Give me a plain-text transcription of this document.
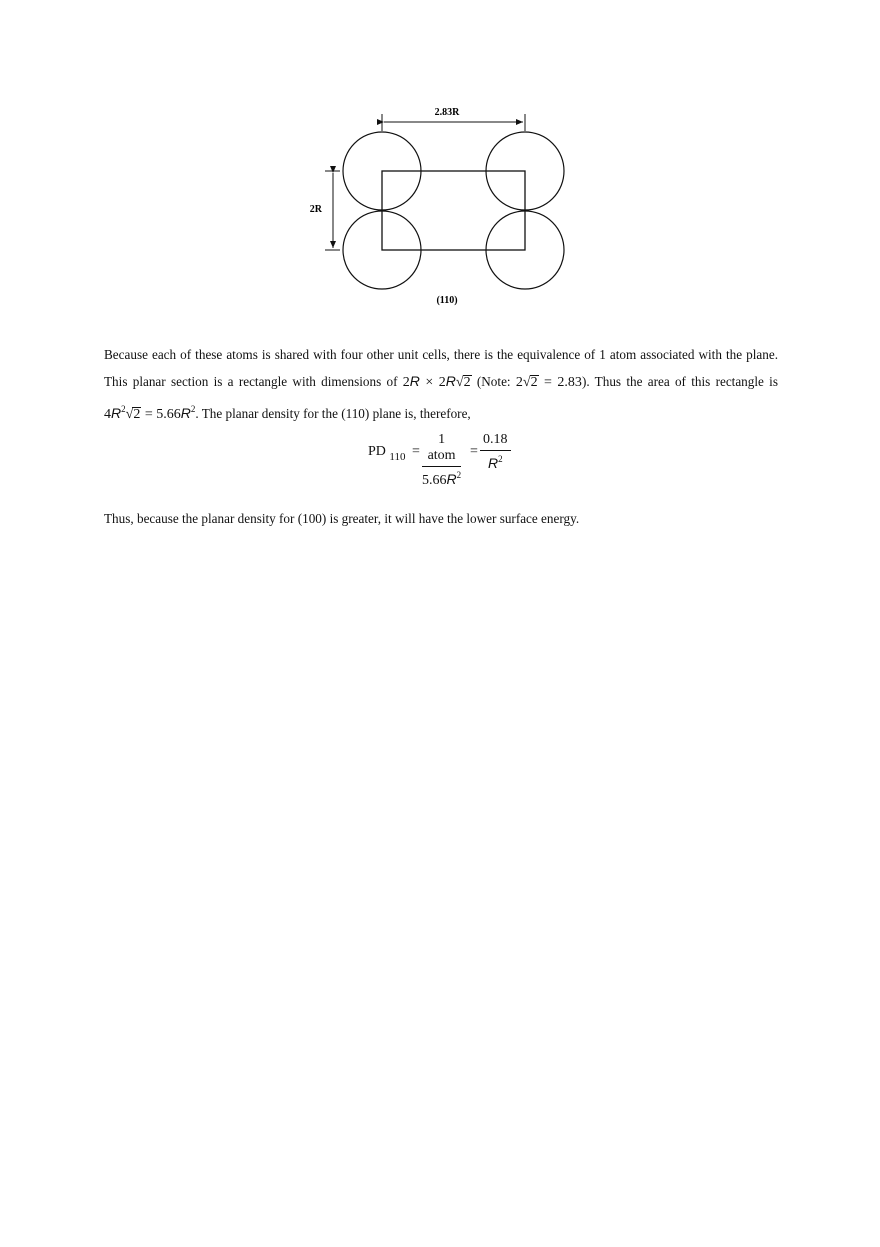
2.83R
2R
(110)
Because each of these atoms is shared with four other unit cells, there is the equivalence of 1 atom associated with the plane. This planar section is a rectangle with dimensions of 2R × 2R√2 (Note: 2√2 = 2.83). Thus the area of this rectangle is $4R^2√2 = 5.66R^2$. The planar density for the (110) plane is, therefore,
PD $_{110}$ =
1 atom
$5.66R^2$
= $\frac{0.18}{R^2}$
Thus, because the planar density for (100) is greater, it will have the lower surface energy.
